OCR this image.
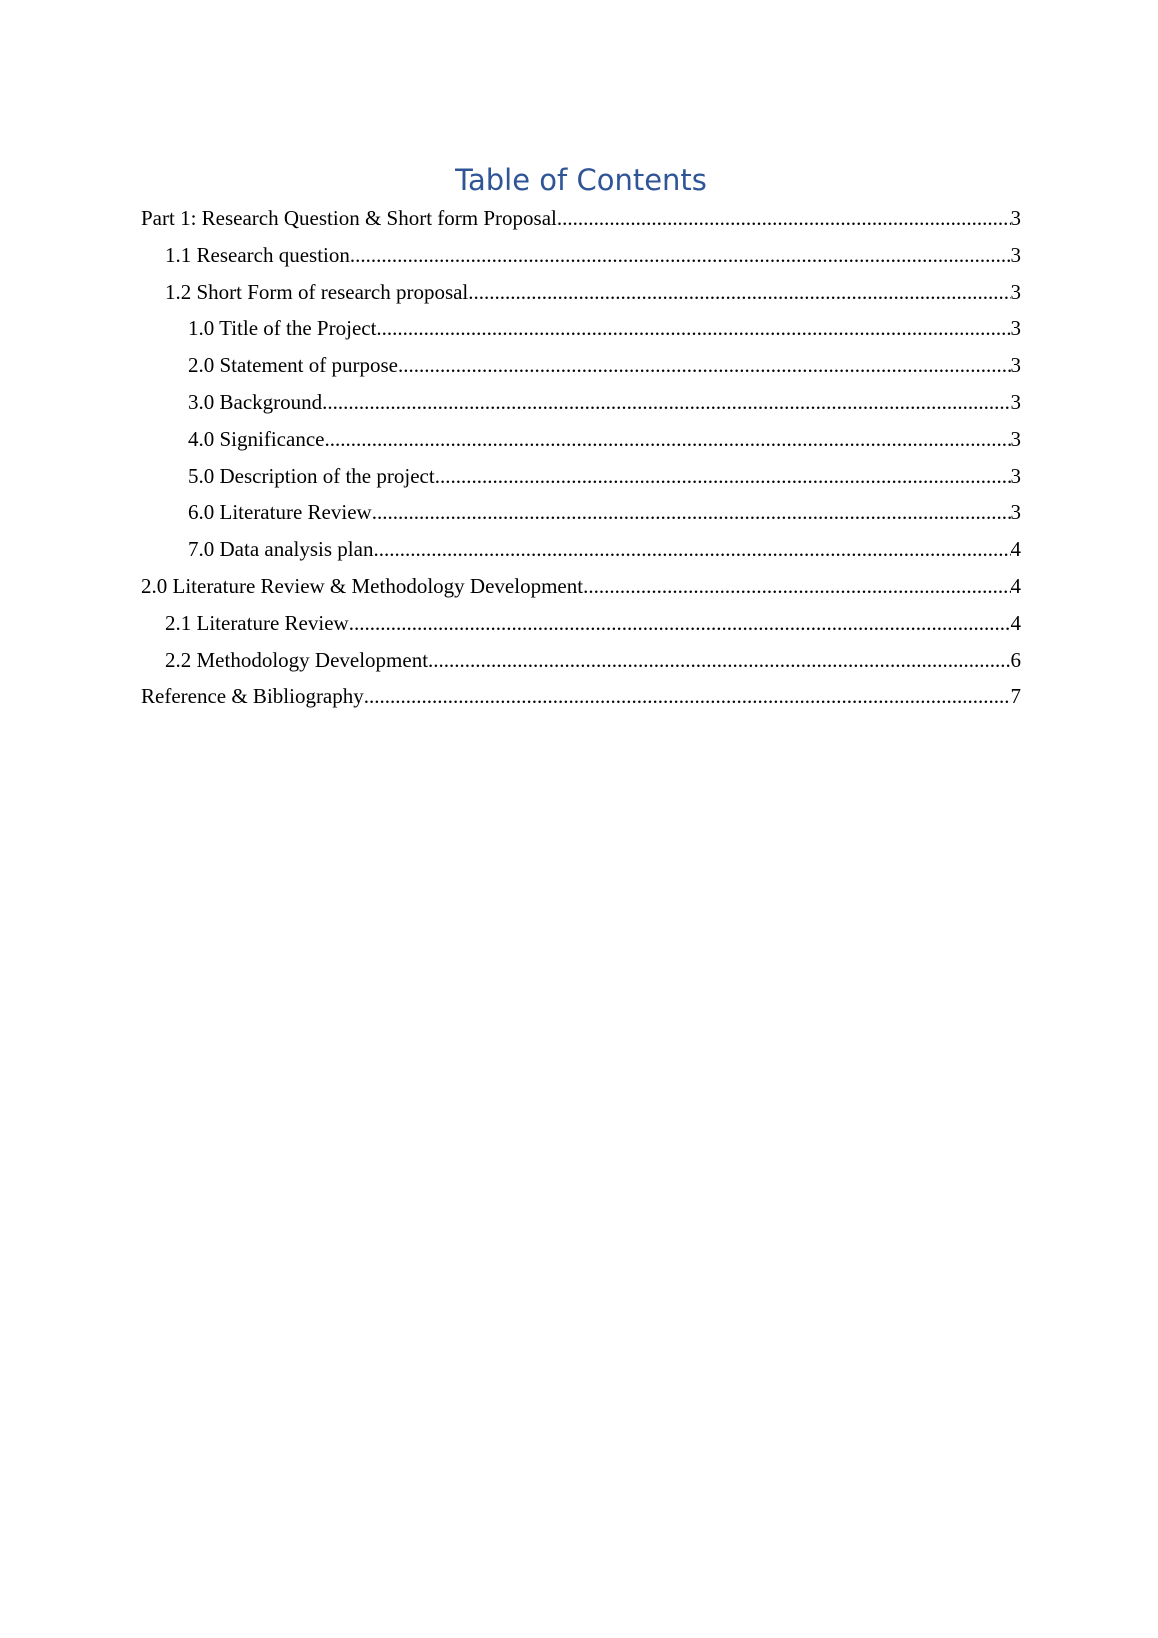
Table of Contents
Part 1: Research Question & Short form Proposal .....	3
1.1 Research question .....	3
1.2 Short Form of research proposal .....	3
1.0 Title of the Project .....	3
2.0 Statement of purpose .....	3
3.0 Background .....	3
4.0 Significance .....	3
5.0 Description of the project .....	3
6.0 Literature Review .....	3
7.0 Data analysis plan .....	4
2.0 Literature Review & Methodology Development .....	4
2.1 Literature Review .....	4
2.2 Methodology Development .....	6
Reference & Bibliography .....	7
